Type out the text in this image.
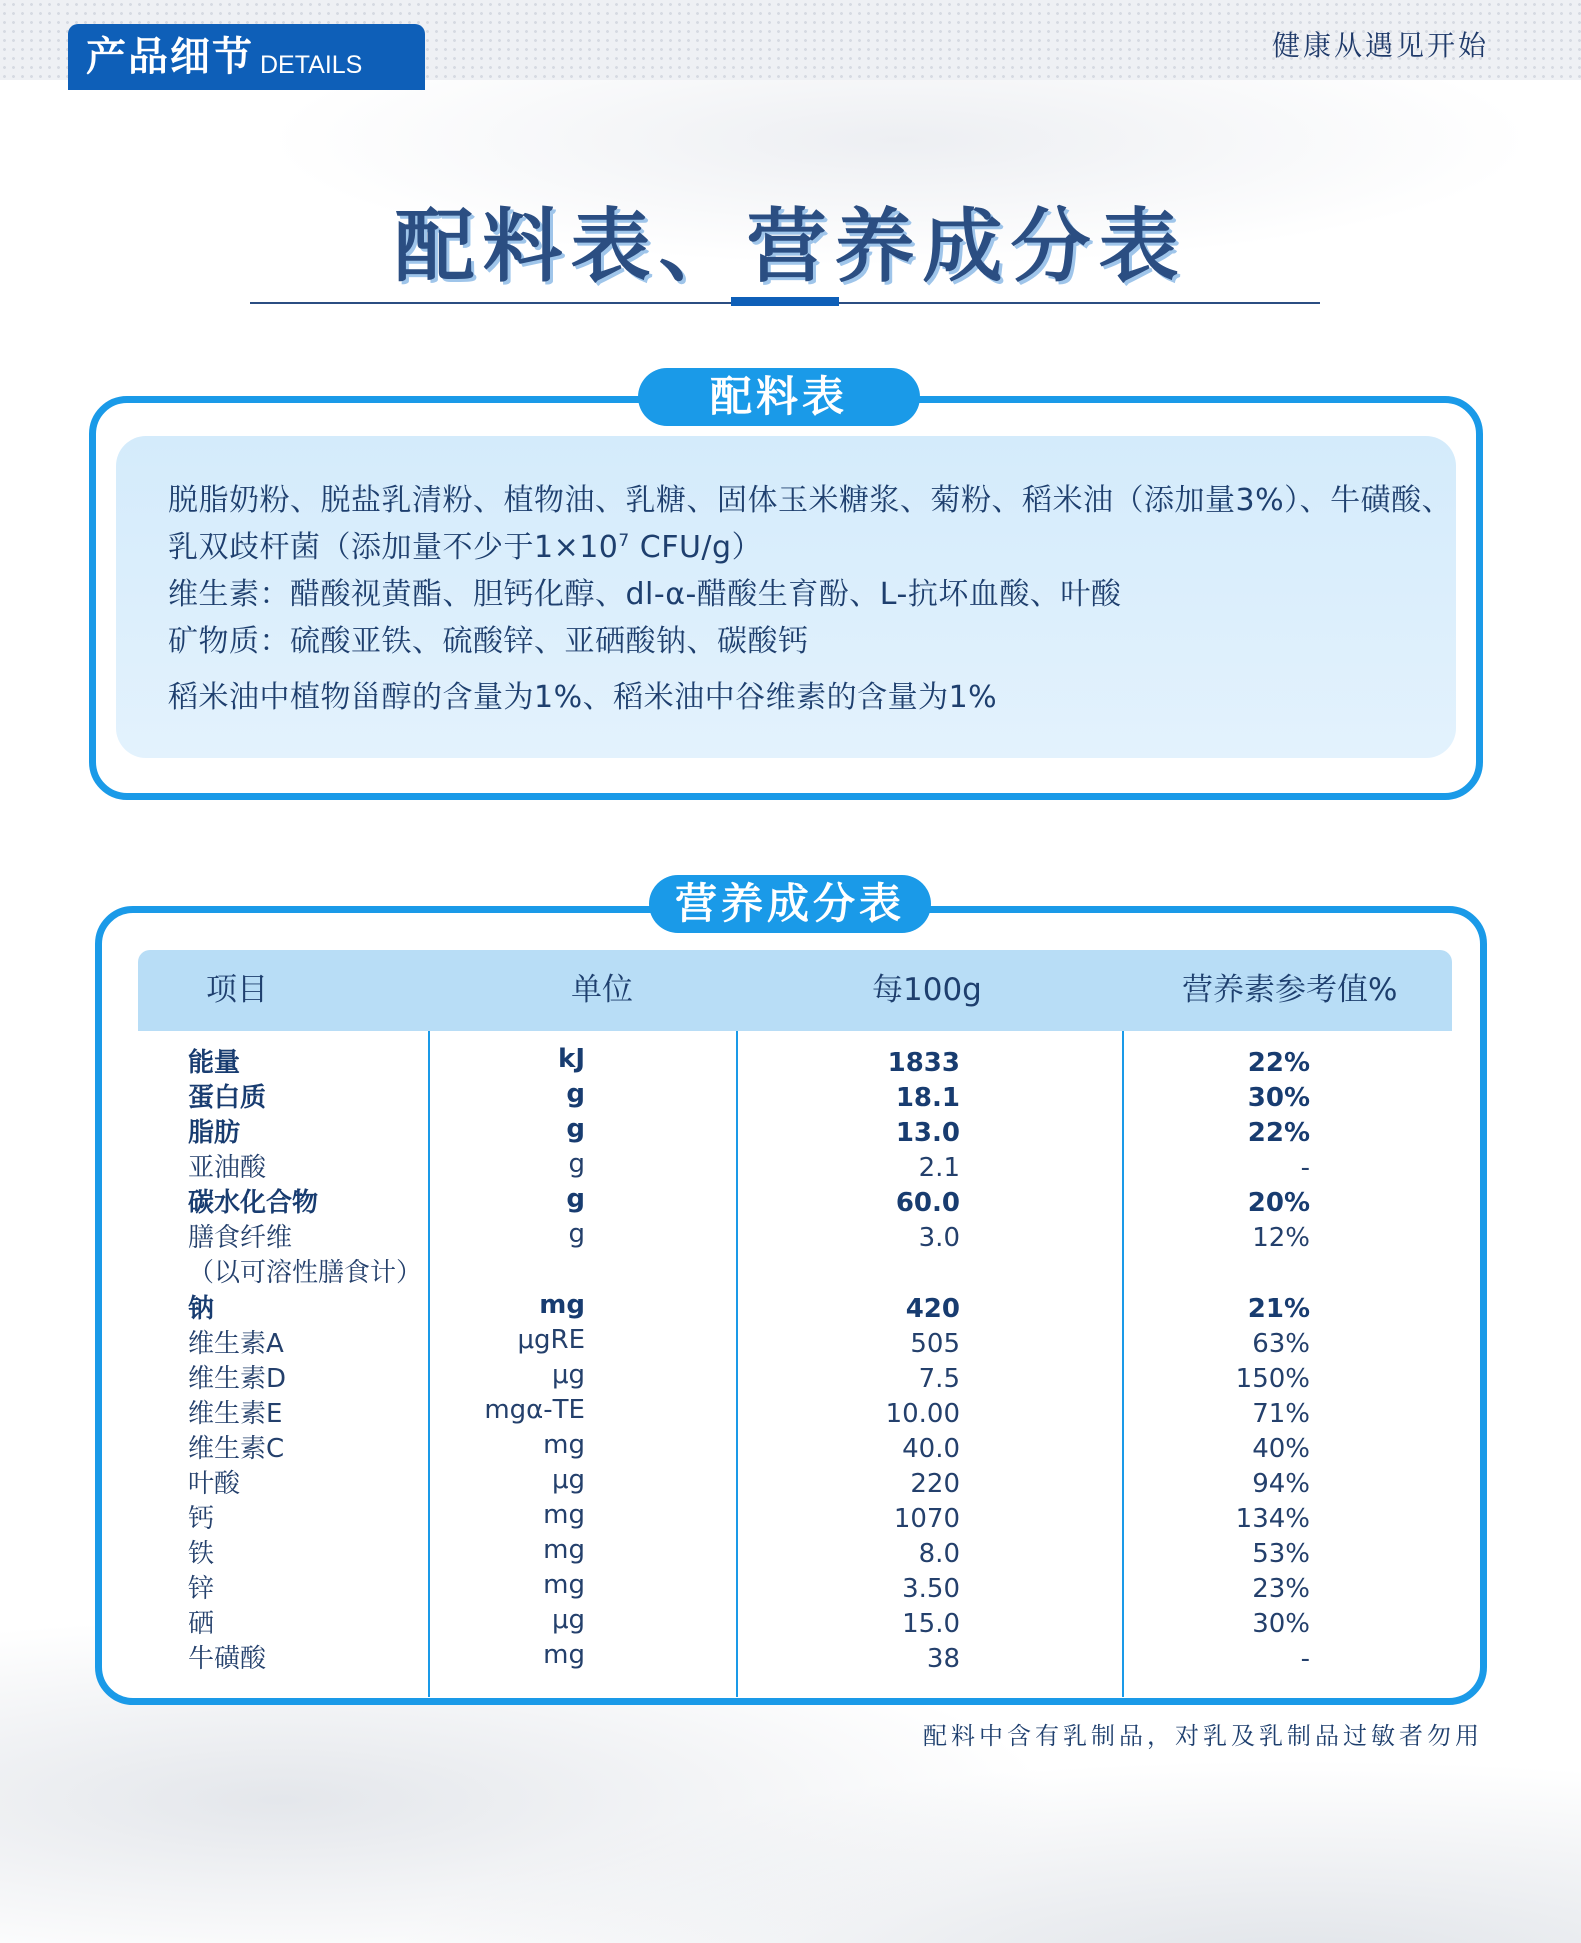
产品细节 DETAILS
健康从遇见开始
配料表、营养成分表
配料表
脱脂奶粉、脱盐乳清粉、植物油、乳糖、固体玉米糖浆、菊粉、稻米油（添加量3%）、牛磺酸、
乳双歧杆菌（添加量不少于$1\times 10^7$ CFU/g）
维生素：醋酸视黄酯、胆钙化醇、dl-α-醋酸生育酚、L-抗坏血酸、叶酸
矿物质：硫酸亚铁、硫酸锌、亚硒酸钠、碳酸钙
稻米油中植物甾醇的含量为1%、稻米油中谷维素的含量为1%
营养成分表
项目	单位	每100g	营养素参考值%
能量	kJ	1833	22%
蛋白质	g	18.1	30%
脂肪	g	13.0	22%
亚油酸	g	2.1	-
碳水化合物	g	60.0	20%
膳食纤维	g	3.0	12%
（以可溶性膳食计）
钠	mg	420	21%
维生素A	μgRE	505	63%
维生素D	μg	7.5	150%
维生素E	mgα-TE	10.00	71%
维生素C	mg	40.0	40%
叶酸	μg	220	94%
钙	mg	1070	134%
铁	mg	8.0	53%
锌	mg	3.50	23%
硒	μg	15.0	30%
牛磺酸	mg	38	-
配料中含有乳制品，对乳及乳制品过敏者勿用
